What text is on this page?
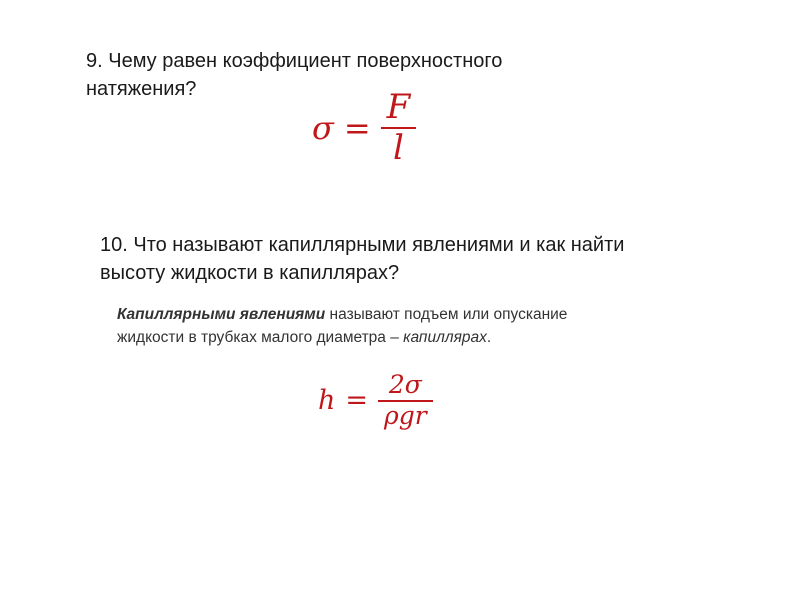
9. Чему равен коэффициент поверхностного
натяжения?
$\sigma = \frac{F}{l}$
10. Что называют капиллярными явлениями и как найти
высоту жидкости в капиллярах?
Капиллярными явлениями называют подъем или опускание
жидкости в трубках малого диаметра – капиллярах.
$h = \frac{2\sigma}{\text{ρgr}}$
